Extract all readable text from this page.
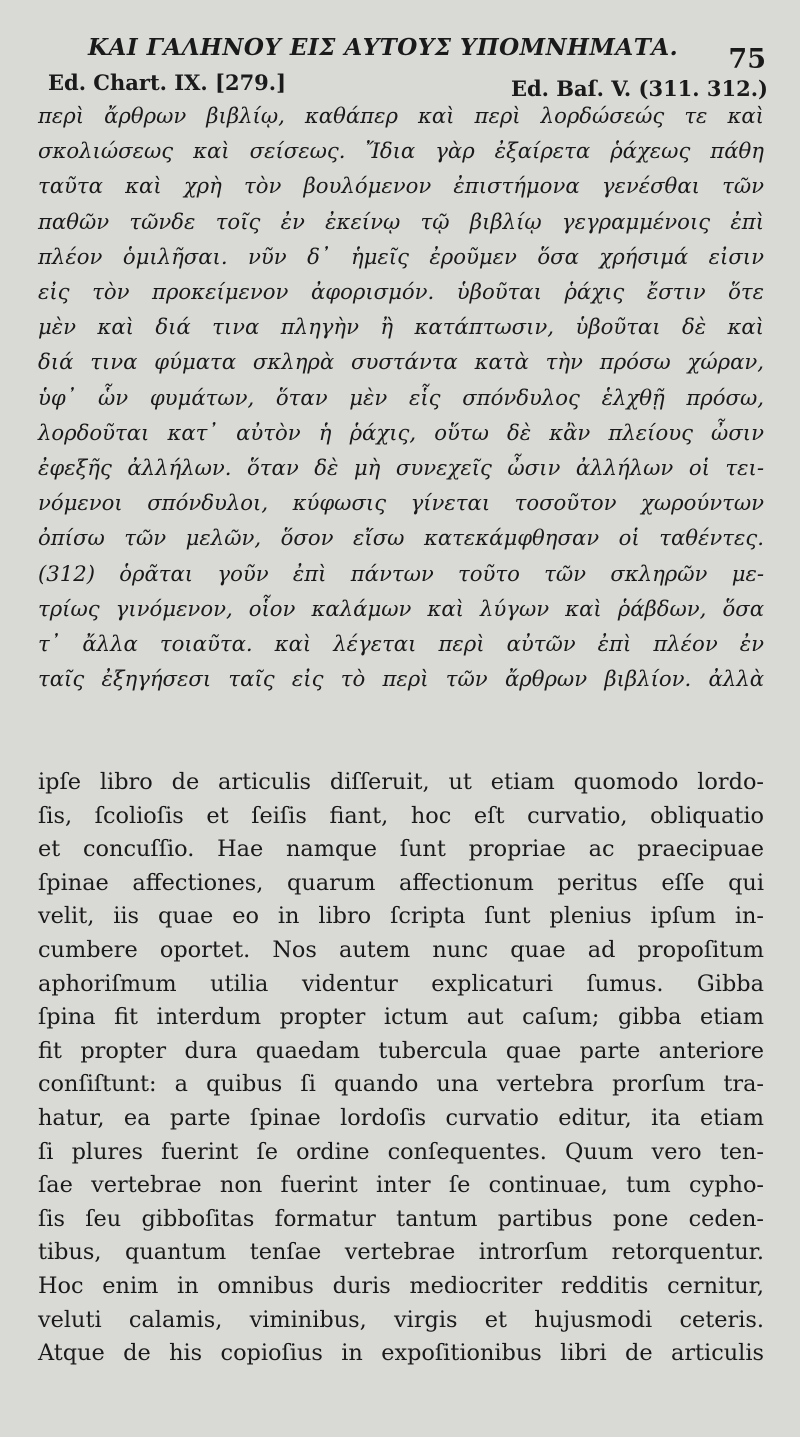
ΚΑΙ ΓΑΛΗΝΟΥ ΕΙΣ ΑΥΤΟΥΣ ΥΠΟΜΝΗΜΑΤΑ. 75
Ed. Chart. IX. [279.]	Ed. Baſ. V. (311. 312.)
περὶ ἄρθρων βιβλίῳ, καθάπερ καὶ περὶ λορδώσεώς τε καὶ
σκολιώσεως καὶ σείσεως. Ἴδια γὰρ ἐξαίρετα ῥάχεως πάθη
ταῦτα καὶ χρὴ τὸν βουλόμενον ἐπιστήμονα γενέσθαι τῶν
παθῶν τῶνδε τοῖς ἐν ἐκείνῳ τῷ βιβλίῳ γεγραμμένοις ἐπὶ
πλέον ὁμιλῆσαι. νῦν δ᾽ ἡμεῖς ἐροῦμεν ὅσα χρήσιμά εἰσιν
εἰς τὸν προκείμενον ἀφορισμόν. ὑβοῦται ῥάχις ἔστιν ὅτε
μὲν καὶ διά τινα πληγὴν ἢ κατάπτωσιν, ὑβοῦται δὲ καὶ
διά τινα φύματα σκληρὰ συστάντα κατὰ τὴν πρόσω χώραν,
ὑφ᾽ ὧν φυμάτων, ὅταν μὲν εἷς σπόνδυλος ἑλχθῇ πρόσω,
λορδοῦται κατ᾽ αὐτὸν ἡ ῥάχις, οὕτω δὲ κἂν πλείους ὦσιν
ἐφεξῆς ἀλλήλων. ὅταν δὲ μὴ συνεχεῖς ὦσιν ἀλλήλων οἱ τει-
νόμενοι σπόνδυλοι, κύφωσις γίνεται τοσοῦτον χωρούντων
ὀπίσω τῶν μελῶν, ὅσον εἴσω κατεκάμφθησαν οἱ ταθέντες.
(312) ὁρᾶται γοῦν ἐπὶ πάντων τοῦτο τῶν σκληρῶν με-
τρίως γινόμενον, οἷον καλάμων καὶ λύγων καὶ ῥάβδων, ὅσα
τ᾽ ἄλλα τοιαῦτα. καὶ λέγεται περὶ αὐτῶν ἐπὶ πλέον ἐν
ταῖς ἐξηγήσεσι ταῖς εἰς τὸ περὶ τῶν ἄρθρων βιβλίον. ἀλλὰ
ipſe libro de articulis diſſeruit, ut etiam quomodo lordo-
ſis, ſcolioſis et ſeiſis fiant, hoc eſt curvatio, obliquatio
et concuſſio. Hae namque ſunt propriae ac praecipuae
ſpinae affectiones, quarum affectionum peritus eſſe qui
velit, iis quae eo in libro ſcripta ſunt plenius ipſum in-
cumbere oportet. Nos autem nunc quae ad propoſitum
aphoriſmum utilia videntur explicaturi ſumus. Gibba
ſpina fit interdum propter ictum aut caſum; gibba etiam
fit propter dura quaedam tubercula quae parte anteriore
conſiſtunt: a quibus ſi quando una vertebra prorſum tra-
hatur, ea parte ſpinae lordoſis curvatio editur, ita etiam
ſi plures fuerint ſe ordine conſequentes. Quum vero ten-
ſae vertebrae non fuerint inter ſe continuae, tum cypho-
ſis ſeu gibboſitas formatur tantum partibus pone ceden-
tibus, quantum tenſae vertebrae introrſum retorquentur.
Hoc enim in omnibus duris mediocriter redditis cernitur,
veluti calamis, viminibus, virgis et hujusmodi ceteris.
Atque de his copioſius in expoſitionibus libri de articulis
